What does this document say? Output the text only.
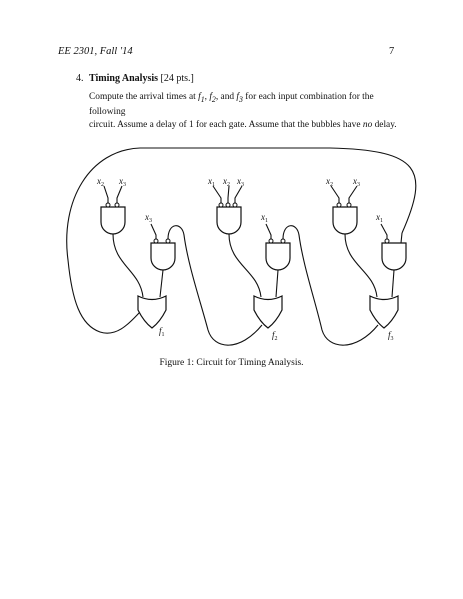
EE 2301, Fall '14	7
4. Timing Analysis [24 pts.]
Compute the arrival times at $f_1$, $f_2$, and $f_3$ for each input combination for the following
circuit. Assume a delay of 1 for each gate. Assume that the bubbles have no delay.
$f_1$	$f_2$	$f_3$
$x_2$ $x_3$
$x_3$
$x_1$ $x_2$ $x_3$
$x_1$
$x_2$ $x_3$
$x_1$
Figure 1: Circuit for Timing Analysis.
